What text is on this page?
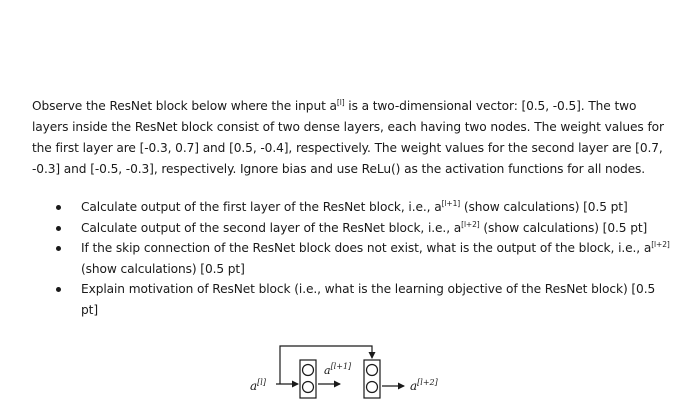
Observe the ResNet block below where the input a[l] is a two-dimensional vector: [0.5, -0.5]. The two layers inside the ResNet block consist of two dense layers, each having two nodes. The weight values for the first layer are [-0.3, 0.7] and [0.5, -0.4], respectively. The weight values for the second layer are [0.7, -0.3] and [-0.5, -0.3], respectively. Ignore bias and use ReLu() as the activation functions for all nodes.
Calculate output of the first layer of the ResNet block, i.e., a[l+1] (show calculations) [0.5 pt]
Calculate output of the second layer of the ResNet block, i.e., a[l+2] (show calculations) [0.5 pt]
If the skip connection of the ResNet block does not exist, what is the output of the block, i.e., a[l+2] (show calculations) [0.5 pt]
Explain motivation of ResNet block (i.e., what is the learning objective of the ResNet block) [0.5 pt]
a[l]
a[l+1]
a[l+2]
